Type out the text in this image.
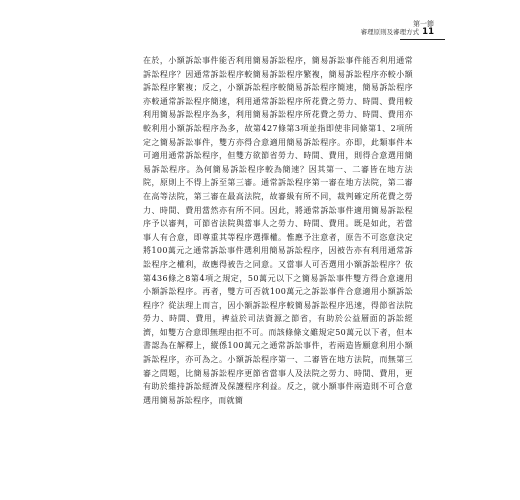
第一節
審理原則及審理方式 11

在於，小額訴訟事件能否利用簡易訴訟程序，簡易訴訟事件能否利用通常訴訟程序？因通常訴訟程序較簡易訴訟程序繁複，簡易訴訟程序亦較小額訴訟程序繁複；反之，小額訴訟程序較簡易訴訟程序簡速，簡易訴訟程序亦較通常訴訟程序簡速，利用通常訴訟程序所花費之勞力、時間、費用較利用簡易訴訟程序為多，利用簡易訴訟程序所花費之勞力、時間、費用亦較利用小額訴訟程序為多，故第427條第3項並指即使非同條第1、2項所定之簡易訴訟事件，雙方亦得合意適用簡易訴訟程序。亦即，此類事件本可適用通常訴訟程序，但雙方欲節省勞力、時間、費用，則得合意選用簡易訴訟程序。為何簡易訴訟程序較為簡速？因其第一、二審皆在地方法院，原則上不得上訴至第三審。通常訴訟程序第一審在地方法院，第二審在高等法院，第三審在最高法院，故審級有所不同，裁判確定所花費之勞力、時間、費用當然亦有所不同。因此，將通常訴訟事件適用簡易訴訟程序予以審判，可節省法院與當事人之勞力、時間、費用。既是如此，若當事人有合意，即尊重其等程序選擇權。惟應予注意者，原告不可恣意決定將100萬元之通常訴訟事件選利用簡易訴訟程序，因被告亦有利用通常訴訟程序之權利，故應得被告之同意。又當事人可否選用小額訴訟程序？依第436條之8第4項之規定，50萬元以下之簡易訴訟事件雙方得合意適用小額訴訟程序。再者，雙方可否就100萬元之訴訟事件合意適用小額訴訟程序？從法理上而言，因小額訴訟程序較簡易訴訟程序迅速，得節省法院勞力、時間、費用，裨益於司法資源之節省，有助於公益層面的訴訟經濟，如雙方合意即無理由拒不可。而該條條文雖規定50萬元以下者，但本書認為在解釋上，縱係100萬元之通常訴訟事件，若兩造皆願意利用小額訴訟程序，亦可為之。小額訴訟程序第一、二審皆在地方法院，而無第三審之問題，比簡易訴訟程序更節省當事人及法院之勞力、時間、費用，更有助於維持訴訟經濟及保護程序利益。反之，就小額事件兩造則不可合意選用簡易訴訟程序，而就簡
